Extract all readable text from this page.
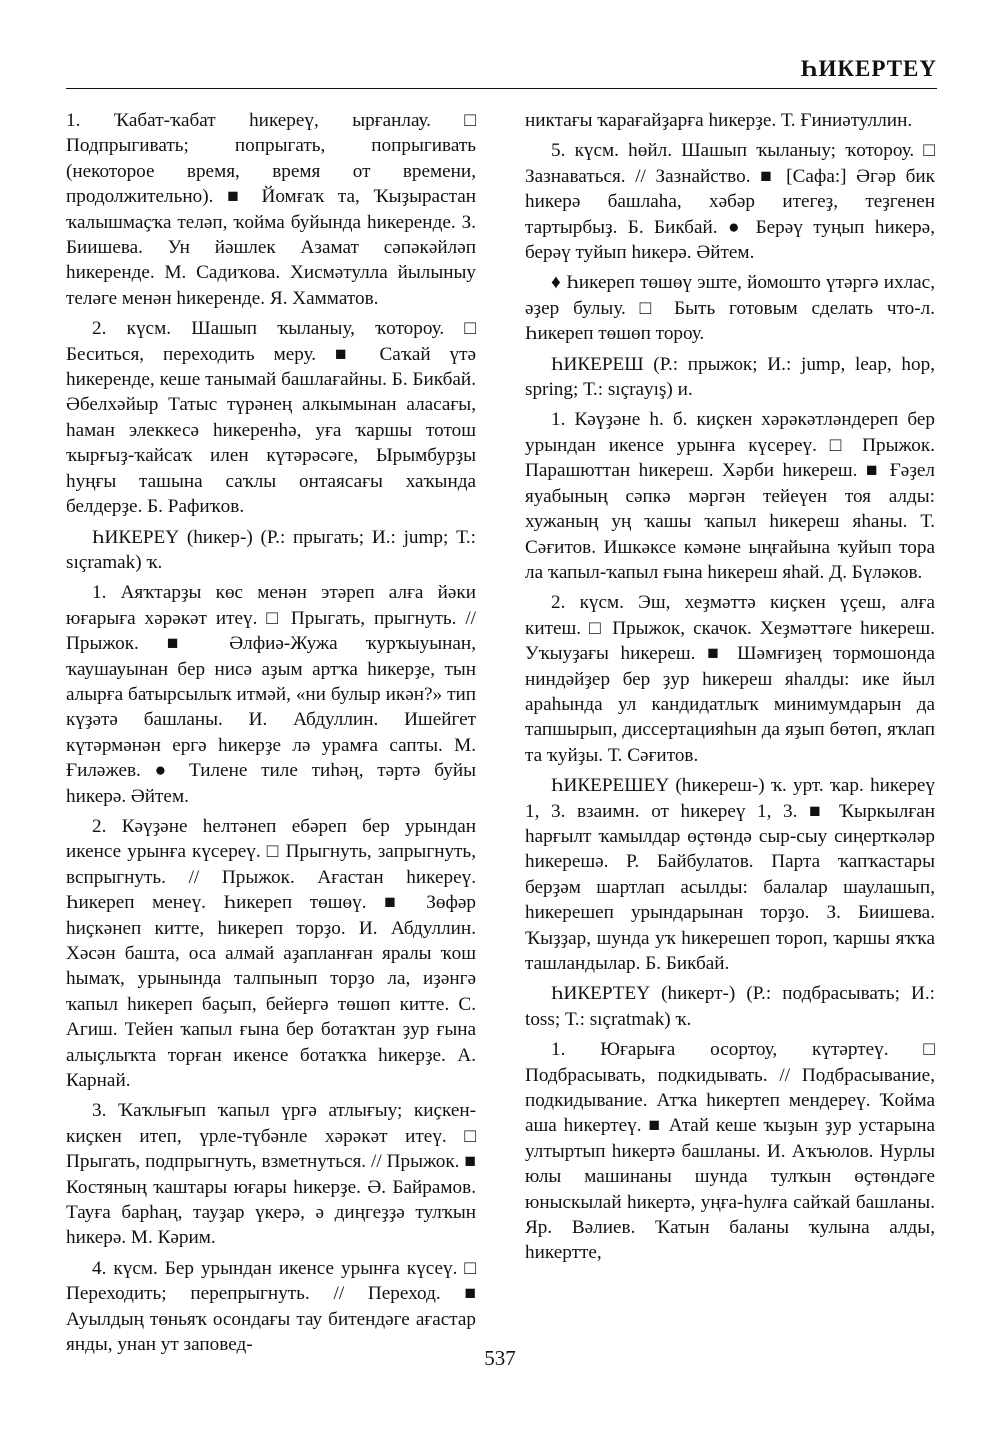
ҺИКЕРТЕҮ

1. Ҡабат-ҡабат һикереү, ырғанлау. □ Подпрыгивать; попрыгать, попрыгивать (некоторое время, время от времени, продолжительно). ■ Йомғаҡ та, Ҡыҙырастан ҡалышмаҫҡа теләп, ҡойма буйында һикерендe. З. Биишева. Ун йәшлек Азамат сәпәкәйләп һикерендe. М. Садиҡова. Хисмәтулла йылыныу теләге менән һикерендe. Я. Хамматов.

2. күсм. Шашып ҡыланыу, ҡотороу. □ Беситься, переходить меру. ■ Саҡай үтә һикерендe, кеше танымай башлағайны. Б. Бикбай. Әбелхәйыр Татыс түрәнең алкымынан аласағы, һаман элеккесә һикеренһә, уға ҡаршы тотош ҡырғыҙ-ҡайсаҡ илен күтәрәсәге, Ырымбурҙы һуңғы ташына саҡлы онтаясағы хаҡында белдерҙе. Б. Рафиҡов.

ҺИКЕРЕҮ (һикер-) (Р.: прыгать; И.: jump; Т.: sıçramak) ҡ.

1. Аяҡтарҙы көс менән этәреп алға йәки юғарыға хәрәкәт итеү. □ Прыгать, прыгнуть. // Прыжок. ■ Әлфиә-Жужа ҡурҡыуынан, ҡаушауынан бер нисә аҙым артҡа һикерҙе, тын алырға батырсылыҡ итмәй, «ни булыр икән?» тип күҙәтә башланы. И. Абдуллин. Ишейгет күтәрмәнән ергә һикерҙе лә урамға сапты. М. Ғиләжев. ● Тилене тиле тиһәң, тәртә буйы һикерә. Әйтем.

2. Кәүҙәне һелтәнеп ебәреп бер урындан икенсе урынға күсереү. □ Прыгнуть, запрыгнуть, вспрыгнуть. // Прыжок. Ағастан һикереү. Һикереп менеү. Һикереп төшөү. ■ Зөфәр һиҫкәнеп китте, һикереп торҙо. И. Абдуллин. Хәсән башта, оса алмай аҙапланған яралы ҡош һымаҡ, урынында талпынып торҙо ла, иҙәнгә ҡапыл һикереп баҫып, бейергә төшөп китте. С. Агиш. Тейен ҡапыл ғына бер ботаҡтан ҙур ғына алыҫлыҡта торған икенсе ботаҡҡа һикерҙе. А. Карнай.

3. Ҡаҡлығып ҡапыл үргә атлығыу; киҫкен-киҫкен итеп, үрле-түбәнле хәрәкәт итеү. □ Прыгать, подпрыгнуть, взметнуться. // Прыжок. ■ Костяның ҡаштары юғары һикерҙе. Ә. Байрамов. Тауға барһаң, тауҙар үкерә, ә диңгеҙҙә тулҡын һикерә. М. Кәрим.

4. күсм. Бер урындан икенсе урынға күсеү. □ Переходить; перепрыгнуть. // Переход. ■ Ауылдың төньяҡ осондағы тау битендәге ағастар янды, унан ут заповед-

никтағы ҡарағайҙарға һикерҙе. Т. Ғиниәтуллин.

5. күсм. һөйл. Шашып ҡыланыу; ҡотороу. □ Зазнаваться. // Зазнайство. ■ [Сафа:] Әгәр бик һикерә башлаһа, хәбәр итегеҙ, теҙгенен тартырбыҙ. Б. Бикбай. ● Берәү туңып һикерә, берәү туйып һикерә. Әйтем.

♦ Һикереп төшөү эште, йомошто үтәргә ихлас, әҙер булыу. □ Быть готовым сделать что-л. Һикереп төшөп тороу.

ҺИКЕРЕШ (Р.: прыжок; И.: jump, leap, hop, spring; Т.: sıçrayış) и.

1. Кәүҙәне һ. б. киҫкен хәрәкәтләндереп бер урындан икенсе урынға күсереү. □ Прыжок. Парашюттан һикереш. Хәрби һикереш. ■ Ғәҙел яуабының сәпкә мәргән тейеүен тоя алды: хужаның уң ҡашы ҡапыл һикереш яһаны. Т. Сәғитов. Ишкәксе кәмәне ыңғайына ҡуйып тора ла ҡапыл-ҡапыл ғына һикереш яһай. Д. Бүләков.

2. күсм. Эш, хеҙмәттә киҫкен үҫеш, алға китеш. □ Прыжок, скачок. Хеҙмәттәге һикереш. Уҡыуҙағы һикереш. ■ Шәмғиҙең тормошонда ниндәйҙер бер ҙур һикереш яһалды: ике йыл араһында ул кандидатлыҡ минимумдарын да тапшырып, диссертацияһын да яҙып бөтөп, яҡлап та ҡуйҙы. Т. Сәғитов.

ҺИКЕРЕШЕҮ (һикереш-) ҡ. урт. ҡар. һикереү 1, 3. взаимн. от һикереү 1, 3. ■ Ҡыркылған һарғылт ҡамылдар өҫтөндә сыр-сыу сиңерткәләр һикерешә. Р. Байбулатов. Парта ҡапҡастары берҙәм шартлап асылды: балалар шаулашып, һикерешеп урындарынан торҙо. З. Биишева. Ҡыҙҙар, шунда уҡ һикерешеп тороп, ҡаршы яҡҡа ташландылар. Б. Бикбай.

ҺИКЕРТЕҮ (һикерт-) (Р.: подбрасывать; И.: toss; Т.: sıçratmak) ҡ.

1. Юғарыға осортоу, күтәртеү. □ Подбрасывать, подкидывать. // Подбрасывание, подкидывание. Атҡа һикертеп мендереү. Ҡойма аша һикертеү. ■ Атай кеше ҡыҙын ҙур устарына ултыртып һикертә башланы. И. Аҡъюлов. Нурлы юлы машинаны шунда тулҡын өҫтөндәге юныскылай һикертә, уңға-һулға сайҡай башланы. Яр. Вәлиев. Ҡатын баланы ҡулына алды, һикертте,

537
